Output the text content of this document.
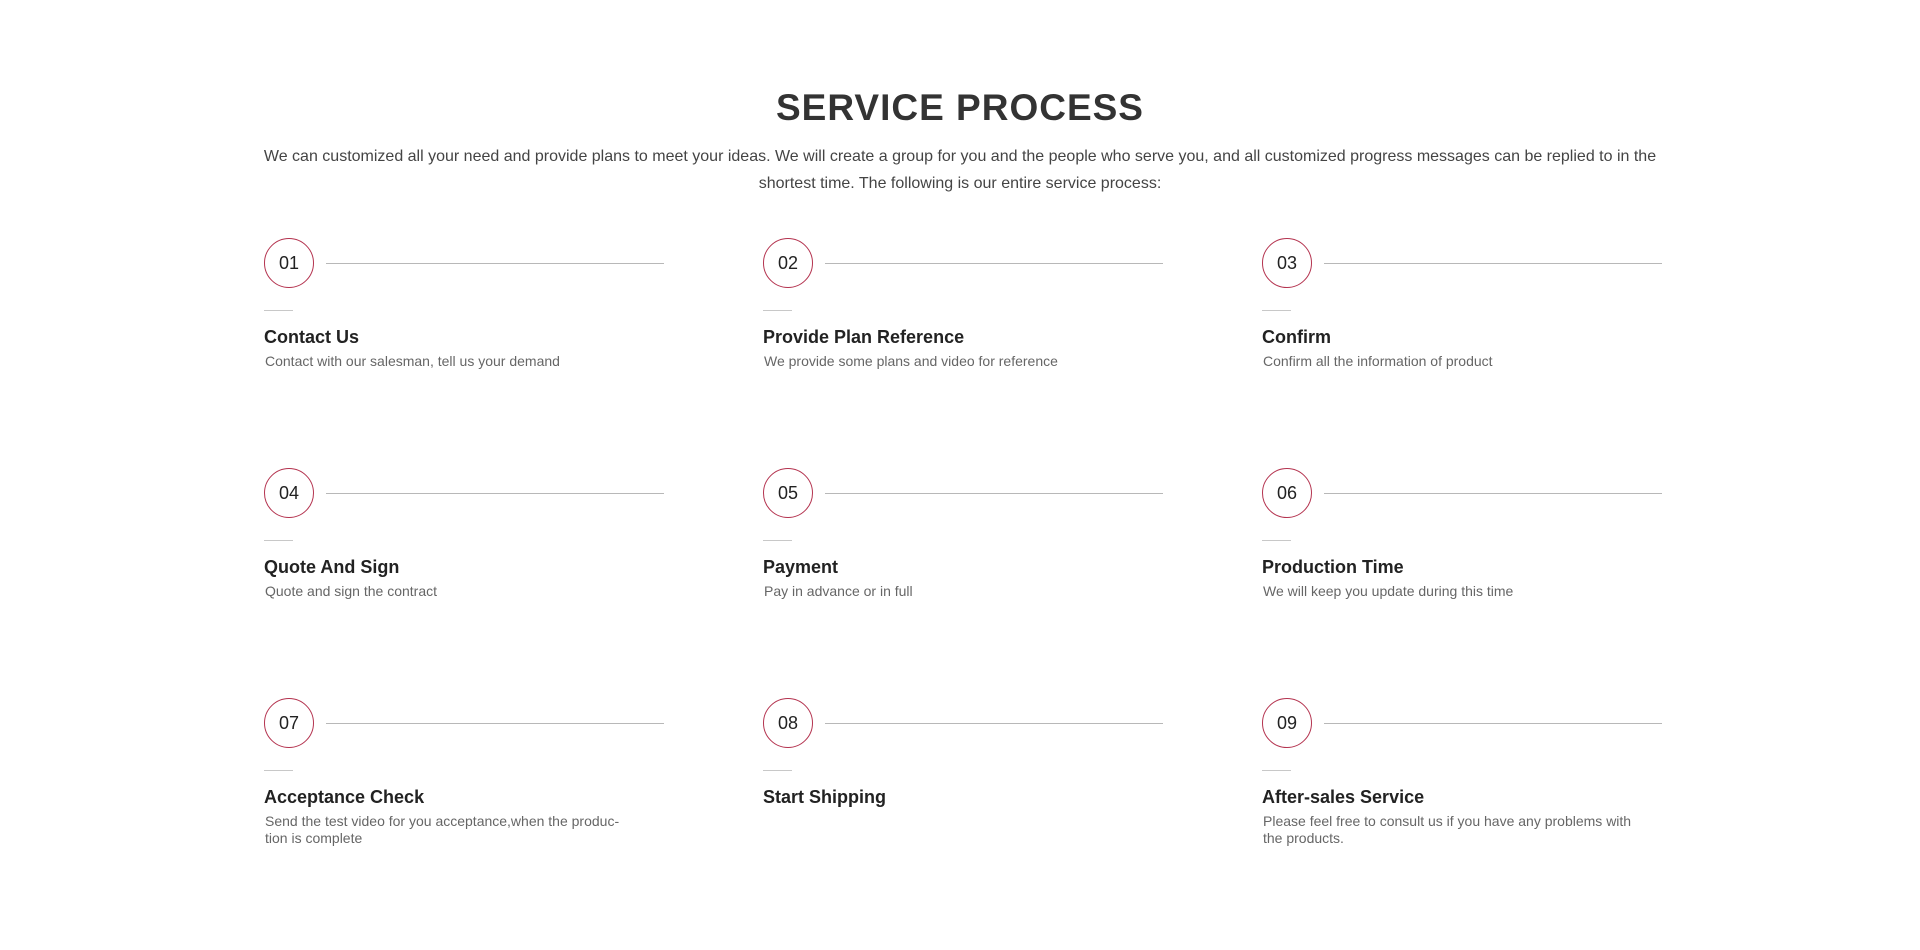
SERVICE PROCESS

We can customized all your need and provide plans to meet your ideas. We will create a group for you and the people who serve you, and all customized progress messages can be replied to in the shortest time. The following is our entire service process:

01
Contact Us

Contact with our salesman, tell us your demand

02
Provide Plan Reference

We provide some plans and video for reference

03
Confirm

Confirm all the information of product

04
Quote And Sign

Quote and sign the contract

05
Payment

Pay in advance or in full

06
Production Time

We will keep you update during this time

07
Acceptance Check

Send the test video for you acceptance,when the produc-tion is complete

08
Start Shipping

09
After-sales Service

Please feel free to consult us if you have any problems with the products.
